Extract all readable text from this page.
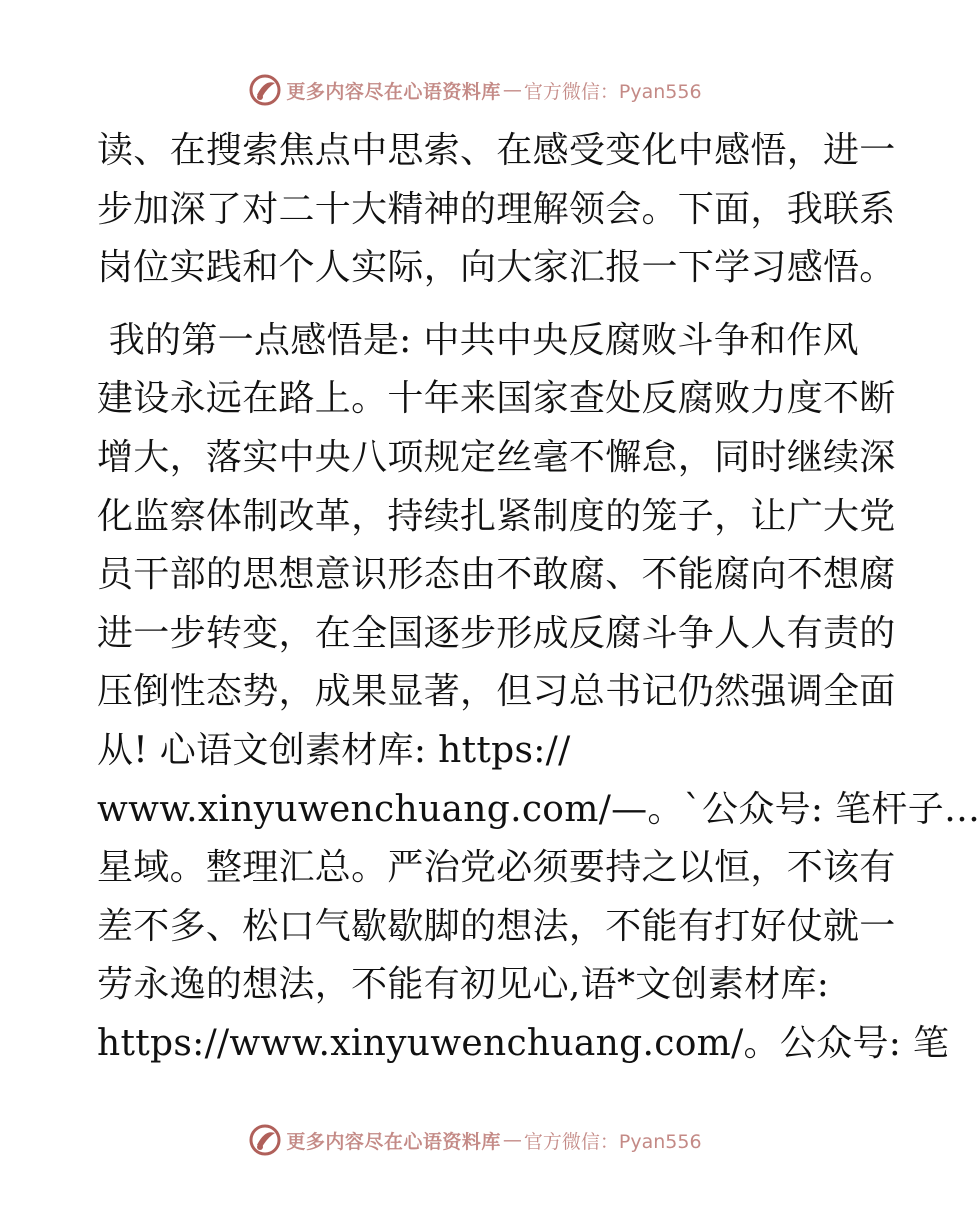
更多内容尽在心语资料库 — 官方微信：Pyan556
读、在搜索焦点中思索、在感受变化中感悟，进一
步加深了对二十大精神的理解领会。下面，我联系
岗位实践和个人实际，向大家汇报一下学习感悟。
我的第一点感悟是: 中共中央反腐败斗争和作风
建设永远在路上。十年来国家查处反腐败力度不断
增大，落实中央八项规定丝毫不懈怠，同时继续深
化监察体制改革，持续扎紧制度的笼子，让广大党
员干部的思想意识形态由不敢腐、不能腐向不想腐
进一步转变，在全国逐步形成反腐斗争人人有责的
压倒性态势，成果显著，但习总书记仍然强调全面
从! 心语文创素材库: https://
www.xinyuwenchuang.com/—。`公众号: 笔杆子…
星域。整理汇总。严治党必须要持之以恒，不该有
差不多、松口气歇歇脚的想法，不能有打好仗就一
劳永逸的想法，不能有初见心,语*文创素材库:
https://www.xinyuwenchuang.com/。公众号: 笔
更多内容尽在心语资料库 — 官方微信：Pyan556
